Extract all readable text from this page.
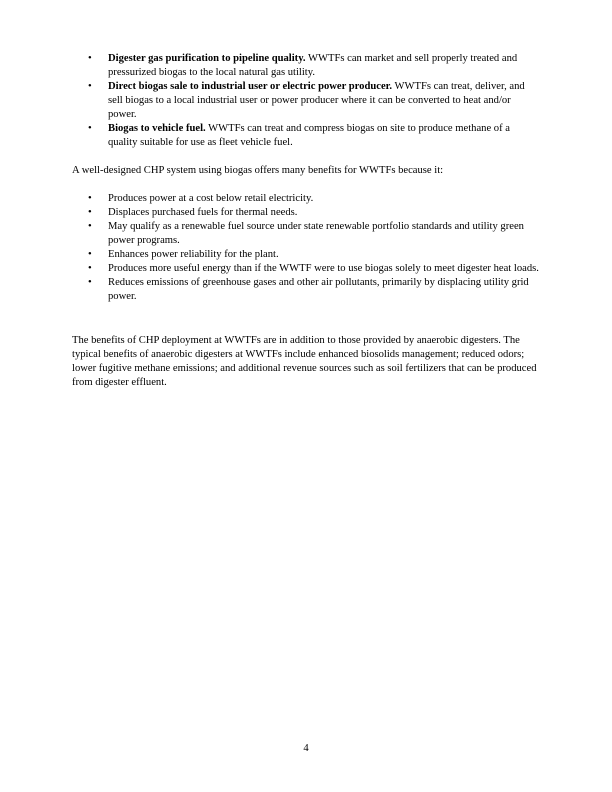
• Digester gas purification to pipeline quality. WWTFs can market and sell properly treated and pressurized biogas to the local natural gas utility.
• Direct biogas sale to industrial user or electric power producer. WWTFs can treat, deliver, and sell biogas to a local industrial user or power producer where it can be converted to heat and/or power.
• Biogas to vehicle fuel. WWTFs can treat and compress biogas on site to produce methane of a quality suitable for use as fleet vehicle fuel.

A well-designed CHP system using biogas offers many benefits for WWTFs because it:

• Produces power at a cost below retail electricity.
• Displaces purchased fuels for thermal needs.
• May qualify as a renewable fuel source under state renewable portfolio standards and utility green power programs.
• Enhances power reliability for the plant.
• Produces more useful energy than if the WWTF were to use biogas solely to meet digester heat loads.
• Reduces emissions of greenhouse gases and other air pollutants, primarily by displacing utility grid power.

The benefits of CHP deployment at WWTFs are in addition to those provided by anaerobic digesters. The typical benefits of anaerobic digesters at WWTFs include enhanced biosolids management; reduced odors; lower fugitive methane emissions; and additional revenue sources such as soil fertilizers that can be produced from digester effluent.

4
